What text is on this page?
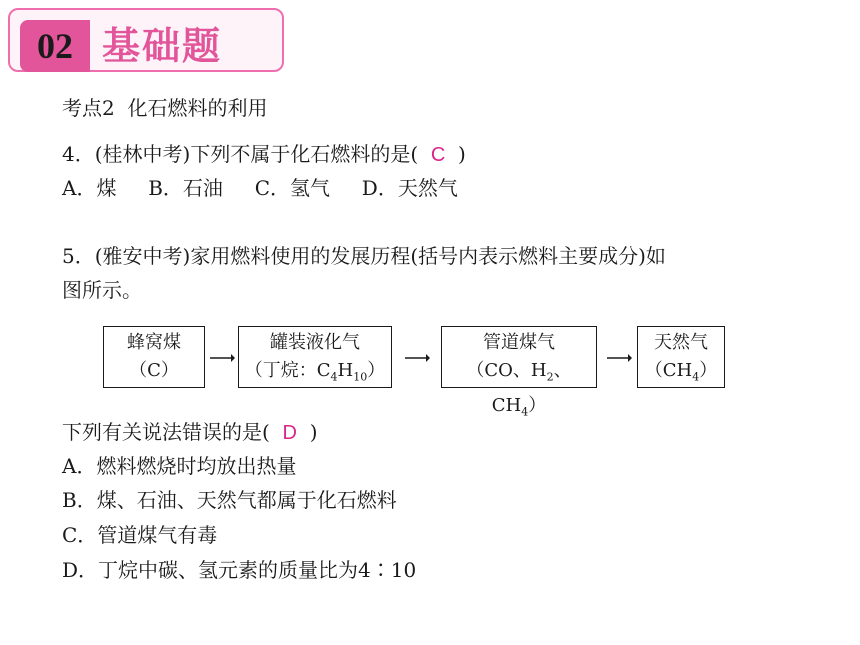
02 基础题
考点2  化石燃料的利用
4．(桂林中考)下列不属于化石燃料的是( C )
A．煤     B．石油     C．氢气     D．天然气
5．(雅安中考)家用燃料使用的发展历程(括号内表示燃料主要成分)如
图所示。
蜂窝煤
（C）
罐装液化气
（丁烷：$C_4H_{10}$）
管道煤气
（CO、$H_2$、$CH_4$）
天然气
$(CH_4)$
下列有关说法错误的是( D )
A．燃料燃烧时均放出热量
B．煤、石油、天然气都属于化石燃料
C．管道煤气有毒
D．丁烷中碳、氢元素的质量比为4∶10
